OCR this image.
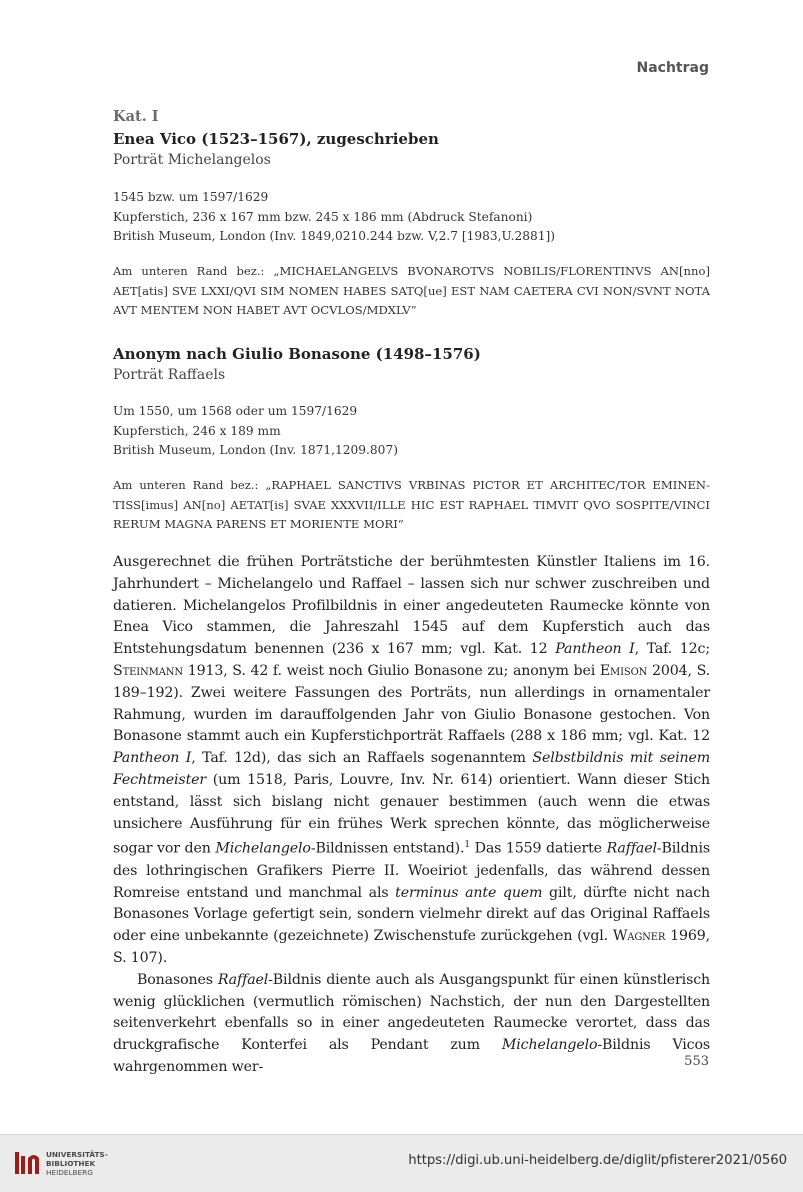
Nachtrag
Kat. I
Enea Vico (1523–1567), zugeschrieben
Porträt Michelangelos
1545 bzw. um 1597/1629
Kupferstich, 236 x 167 mm bzw. 245 x 186 mm (Abdruck Stefanoni)
British Museum, London (Inv. 1849,0210.244 bzw. V,2.7 [1983,U.2881])
Am unteren Rand bez.: „MICHAELANGELVS BVONAROTVS NOBILIS/FLORENTINVS AN[nno] AET[atis] SVE LXXI/QVI SIM NOMEN HABES SATQ[ue] EST NAM CAETERA CVI NON/SVNT NOTA AVT MENTEM NON HABET AVT OCVLOS/MDXLV“
Anonym nach Giulio Bonasone (1498–1576)
Porträt Raffaels
Um 1550, um 1568 oder um 1597/1629
Kupferstich, 246 x 189 mm
British Museum, London (Inv. 1871,1209.807)
Am unteren Rand bez.: „RAPHAEL SANCTIVS VRBINAS PICTOR ET ARCHITEC/TOR EMINEN-TISS[imus] AN[no] AETAT[is] SVAE XXXVII/ILLE HIC EST RAPHAEL TIMVIT QVO SOSPITE/VINCI RERUM MAGNA PARENS ET MORIENTE MORI“

Ausgerechnet die frühen Porträtstiche der berühmtesten Künstler Italiens im 16. Jahrhundert – Michelangelo und Raffael – lassen sich nur schwer zuschreiben und datieren. Michelangelos Profilbildnis in einer angedeuteten Raumecke könnte von Enea Vico stammen, die Jahreszahl 1545 auf dem Kupferstich auch das Entstehungsdatum benennen (236 x 167 mm; vgl. Kat. 12 Pantheon I, Taf. 12c; Steinmann 1913, S. 42 f. weist noch Giulio Bonasone zu; anonym bei Emison 2004, S. 189–192). Zwei weitere Fassungen des Porträts, nun allerdings in ornamentaler Rahmung, wurden im darauffolgenden Jahr von Giulio Bonasone gestochen. Von Bonasone stammt auch ein Kupferstichporträt Raffaels (288 x 186 mm; vgl. Kat. 12 Pantheon I, Taf. 12d), das sich an Raffaels sogenanntem Selbstbildnis mit seinem Fechtmeister (um 1518, Paris, Louvre, Inv. Nr. 614) orientiert. Wann dieser Stich entstand, lässt sich bislang nicht genauer bestimmen (auch wenn die etwas unsichere Ausführung für ein frühes Werk sprechen könnte, das möglicherweise sogar vor den Michelangelo-Bildnissen entstand).$^1$ Das 1559 datierte Raffael-Bildnis des lothringischen Grafikers Pierre II. Woeiriot jedenfalls, das während dessen Romreise entstand und manchmal als terminus ante quem gilt, dürfte nicht nach Bonasones Vorlage gefertigt sein, sondern vielmehr direkt auf das Original Raffaels oder eine unbekannte (gezeichnete) Zwischenstufe zurückgehen (vgl. Wagner 1969, S. 107).

Bonasones Raffael-Bildnis diente auch als Ausgangspunkt für einen künstlerisch wenig glücklichen (vermutlich römischen) Nachstich, der nun den Dargestellten seitenverkehrt ebenfalls so in einer angedeuteten Raumecke verortet, dass das druckgrafische Konterfei als Pendant zum Michelangelo-Bildnis Vicos wahrgenommen wer-	553
UNIVERSITÄTS-
BIBLIOTHEK
HEIDELBERG
https://digi.ub.uni-heidelberg.de/diglit/pfisterer2021/0560
